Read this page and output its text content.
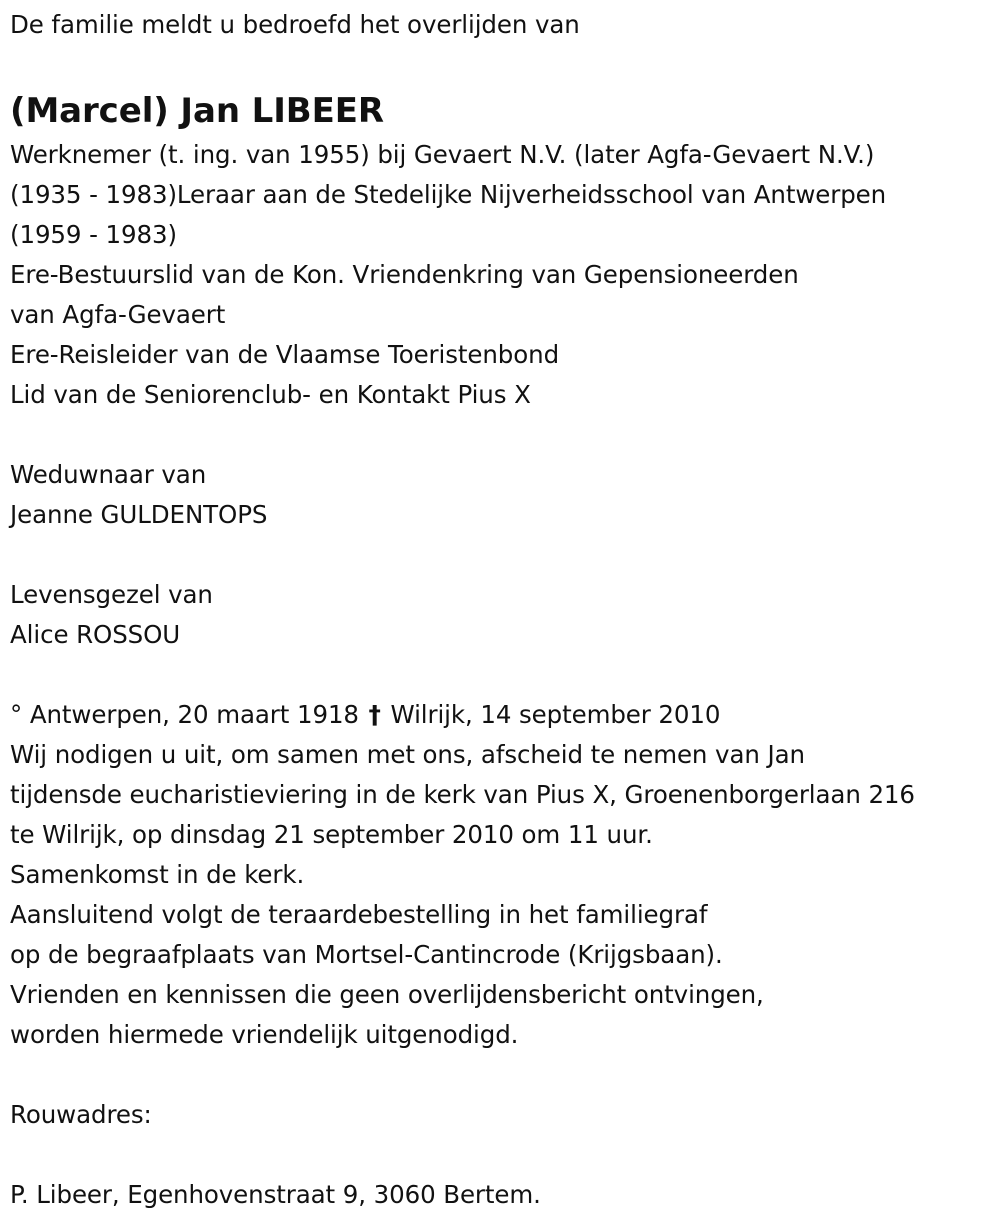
De familie meldt u bedroefd het overlijden van
(Marcel) Jan LIBEER
Werknemer (t. ing. van 1955) bij Gevaert N.V. (later Agfa-Gevaert N.V.)
(1935 - 1983)Leraar aan de Stedelijke Nijverheidsschool van Antwerpen
(1959 - 1983)
Ere-Bestuurslid van de Kon. Vriendenkring van Gepensioneerden
van Agfa-Gevaert
Ere-Reisleider van de Vlaamse Toeristenbond
Lid van de Seniorenclub- en Kontakt Pius X
Weduwnaar van
Jeanne GULDENTOPS
Levensgezel van
Alice ROSSOU
° Antwerpen, 20 maart 1918 † Wilrijk, 14 september 2010
Wij nodigen u uit, om samen met ons, afscheid te nemen van Jan
tijdensde eucharistieviering in de kerk van Pius X, Groenenborgerlaan 216
te Wilrijk, op dinsdag 21 september 2010 om 11 uur.
Samenkomst in de kerk.
Aansluitend volgt de teraardebestelling in het familiegraf
op de begraafplaats van Mortsel-Cantincrode (Krijgsbaan).
Vrienden en kennissen die geen overlijdensbericht ontvingen,
worden hiermede vriendelijk uitgenodigd.
Rouwadres:
P. Libeer, Egenhovenstraat 9, 3060 Bertem.
